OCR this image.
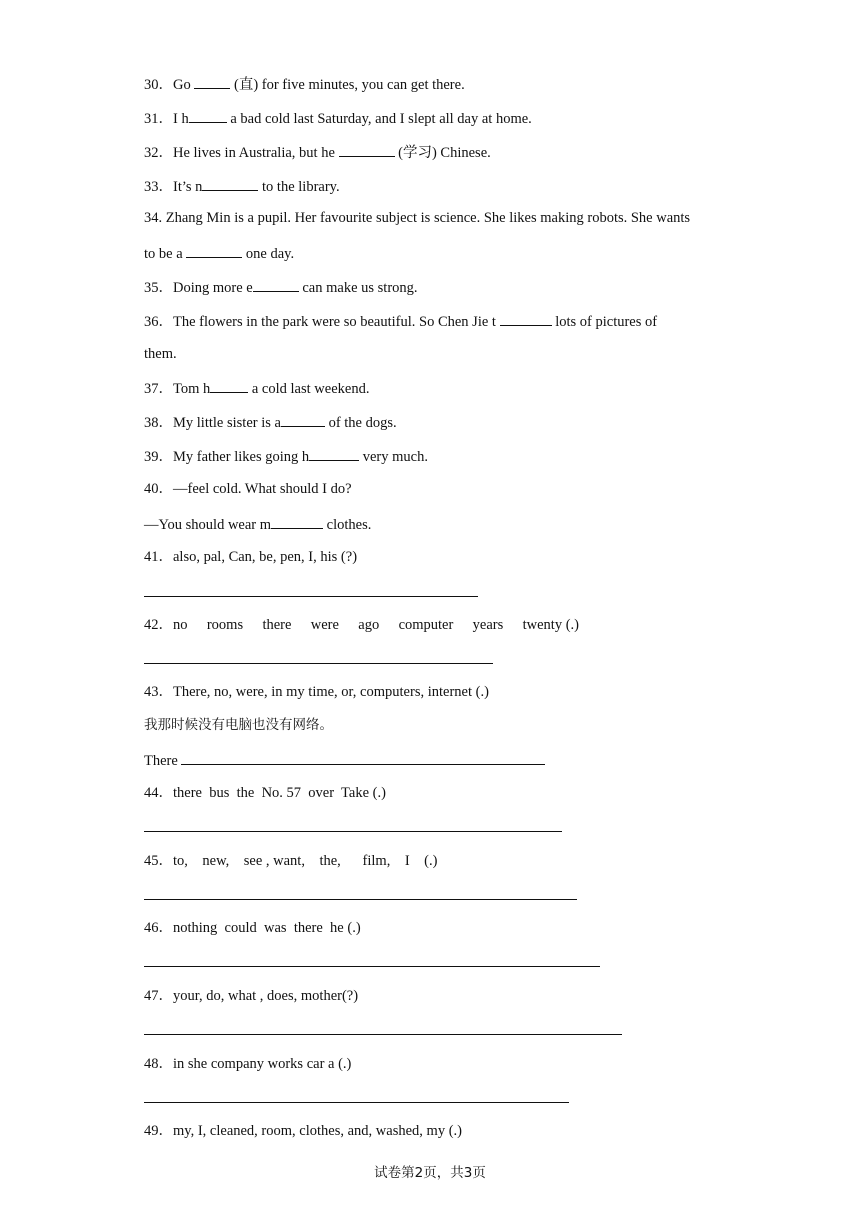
30．Go  (直) for five minutes, you can get there.
31．I h	a bad cold last Saturday, and I slept all day at home.
32．He lives in Australia, but he	(学习) Chinese.
33．It’s n	to the library.
34. Zhang Min is a pupil. Her favourite subject is science. She likes making robots. She wants
to be a	one day.
35．Doing more e	can make us strong.
36．The flowers in the park were so beautiful. So Chen Jie t	lots of pictures of
them.
37．Tom h	a cold last weekend.
38．My little sister is a	of the dogs.
39．My father likes going h	very much.
40．—feel cold. What should I do?
—You should wear m	clothes.
41．also, pal, Can, be, pen, I, his (?)
42．no rooms there were ago computer years twenty (.)
43．There, no, were, in my time, or, computers, internet (.)
我那时候没有电脑也没有网络。
There
44．there  bus  the  No. 57  over  Take (.)
45．to,    new,    see , want,    the,      film,    I    (.)
46．nothing  could  was  there  he (.)
47．your, do, what , does, mother(?)
48．in she company works car a (.)
49．my, I, cleaned, room, clothes, and, washed, my (.)
试卷第2页，共3页
